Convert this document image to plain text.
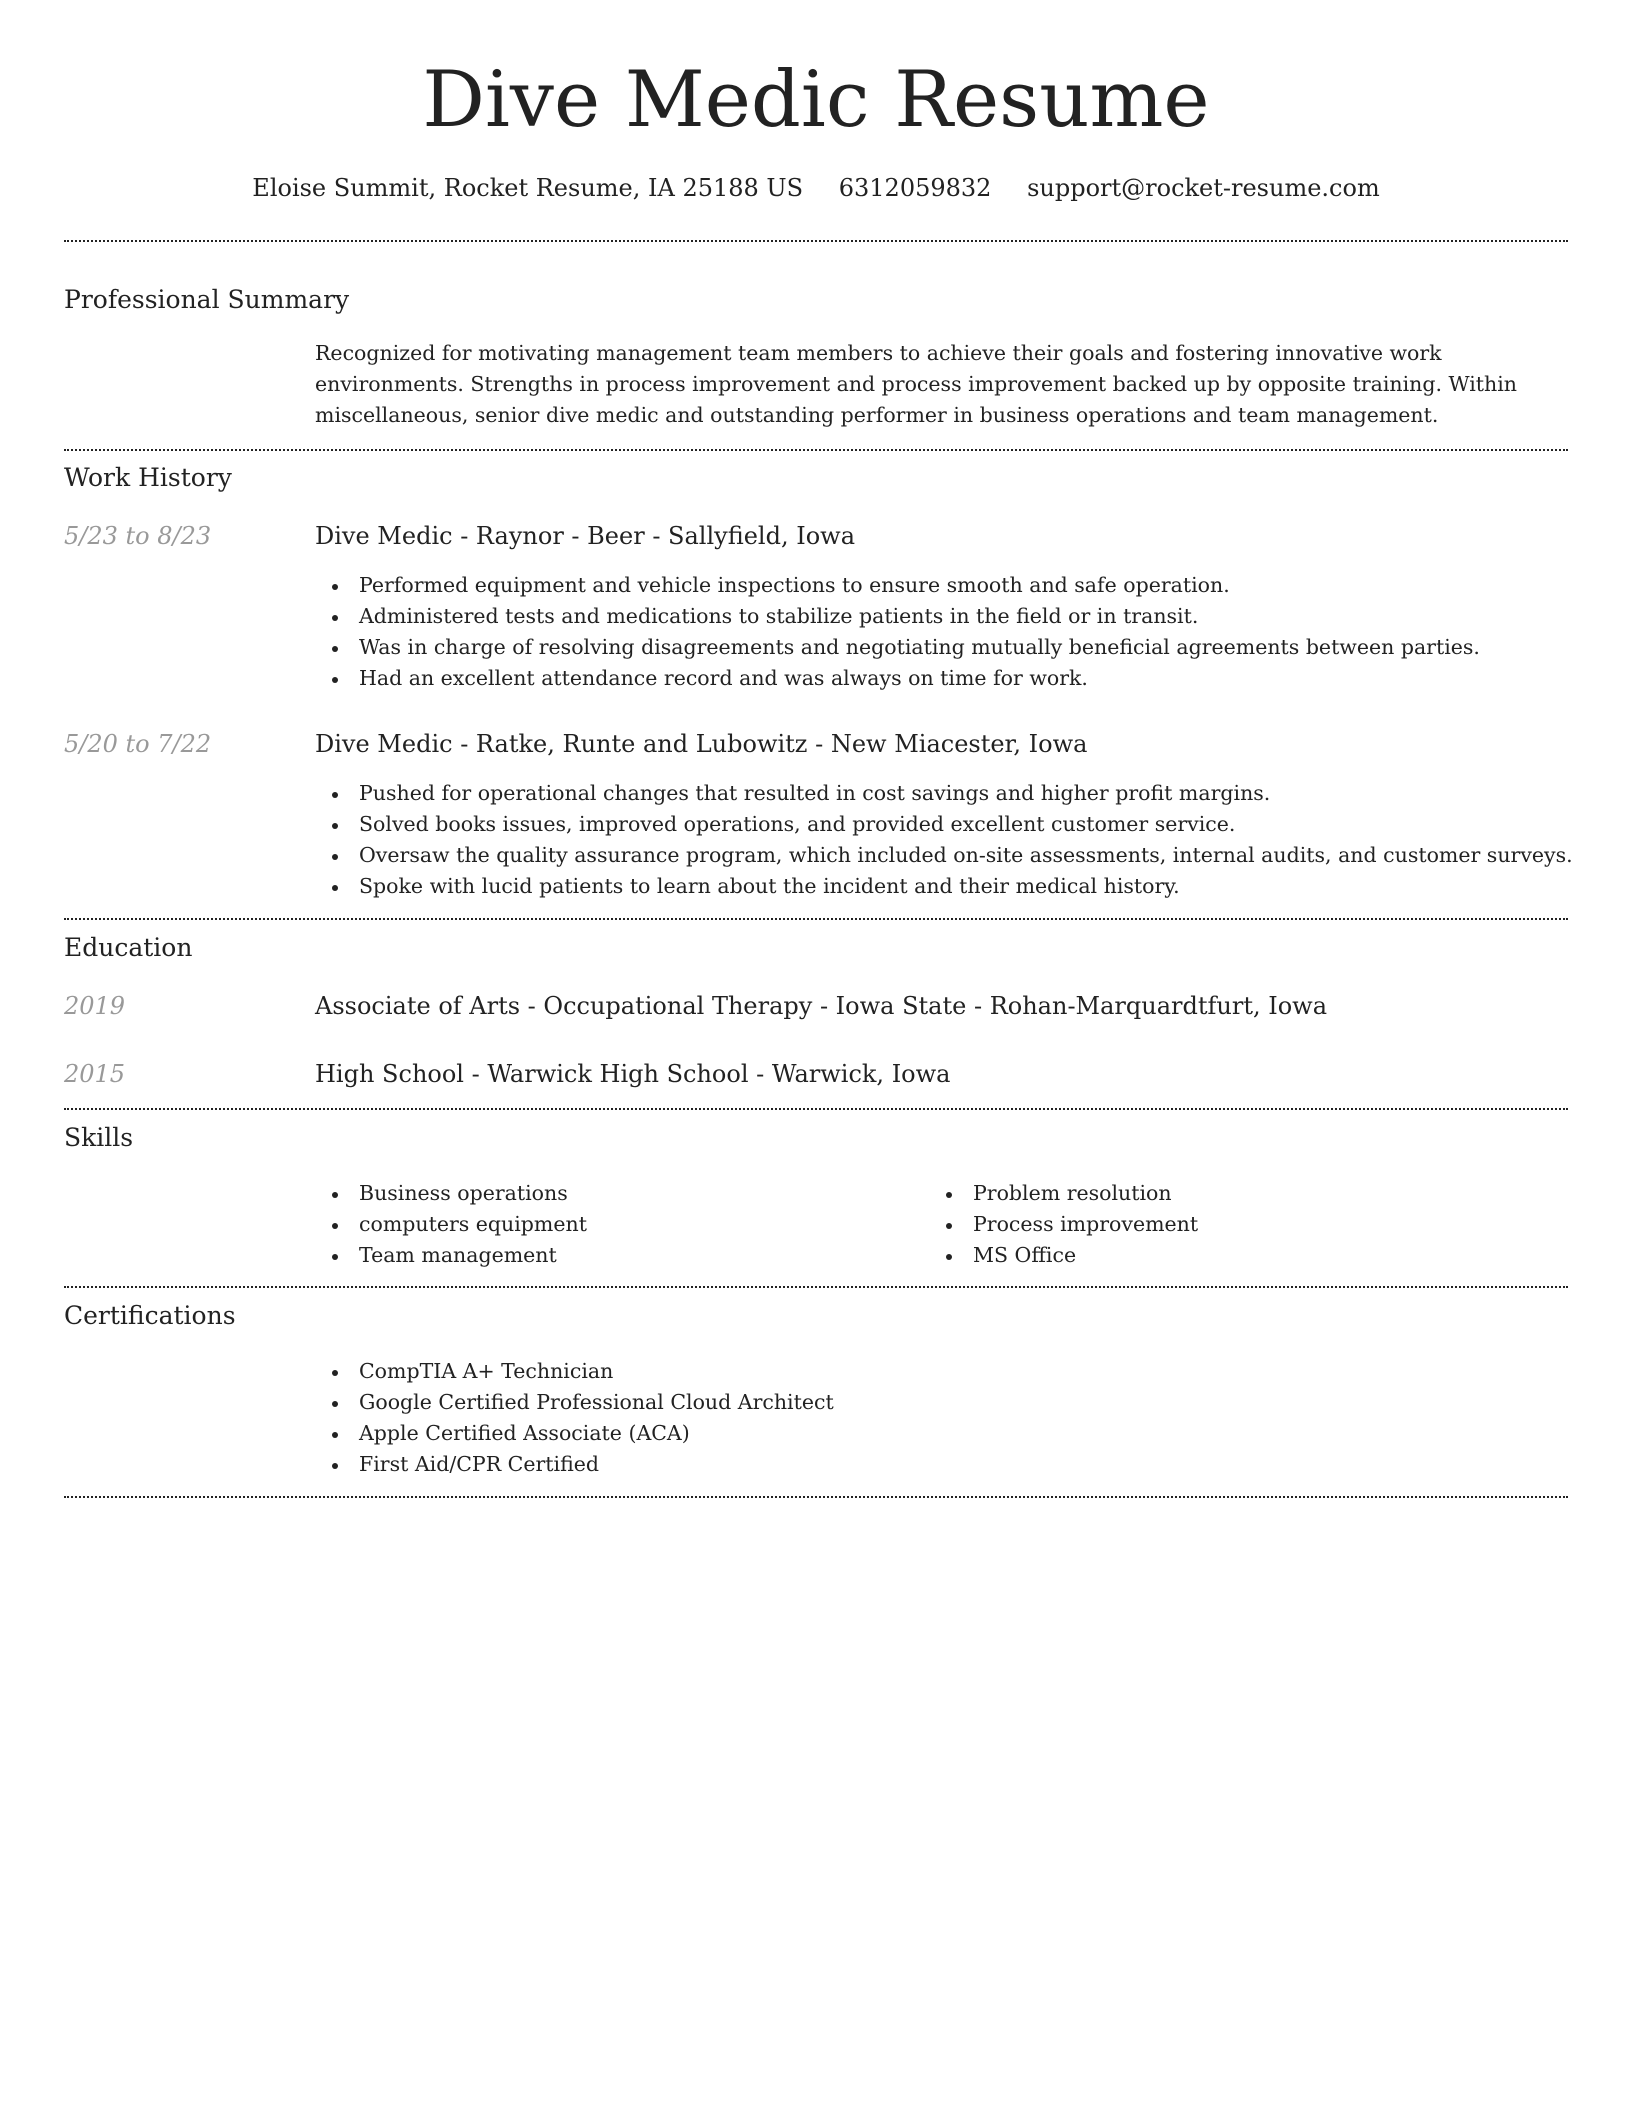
Dive Medic Resume
Eloise Summit, Rocket Resume, IA 25188 US 6312059832 support@rocket-resume.com
Professional Summary
Recognized for motivating management team members to achieve their goals and fostering innovative work environments. Strengths in process improvement and process improvement backed up by opposite training. Within miscellaneous, senior dive medic and outstanding performer in business operations and team management.
Work History
5/23 to 8/23	Dive Medic - Raynor - Beer - Sallyfield, Iowa
Performed equipment and vehicle inspections to ensure smooth and safe operation.
Administered tests and medications to stabilize patients in the field or in transit.
Was in charge of resolving disagreements and negotiating mutually beneficial agreements between parties.
Had an excellent attendance record and was always on time for work.
5/20 to 7/22	Dive Medic - Ratke, Runte and Lubowitz - New Miacester, Iowa
Pushed for operational changes that resulted in cost savings and higher profit margins.
Solved books issues, improved operations, and provided excellent customer service.
Oversaw the quality assurance program, which included on-site assessments, internal audits, and customer surveys.
Spoke with lucid patients to learn about the incident and their medical history.
Education
2019	Associate of Arts - Occupational Therapy - Iowa State - Rohan-Marquardtfurt, Iowa
2015	High School - Warwick High School - Warwick, Iowa
Skills
Business operations
computers equipment
Team management
Problem resolution
Process improvement
MS Office
Certifications
CompTIA A+ Technician
Google Certified Professional Cloud Architect
Apple Certified Associate (ACA)
First Aid/CPR Certified
